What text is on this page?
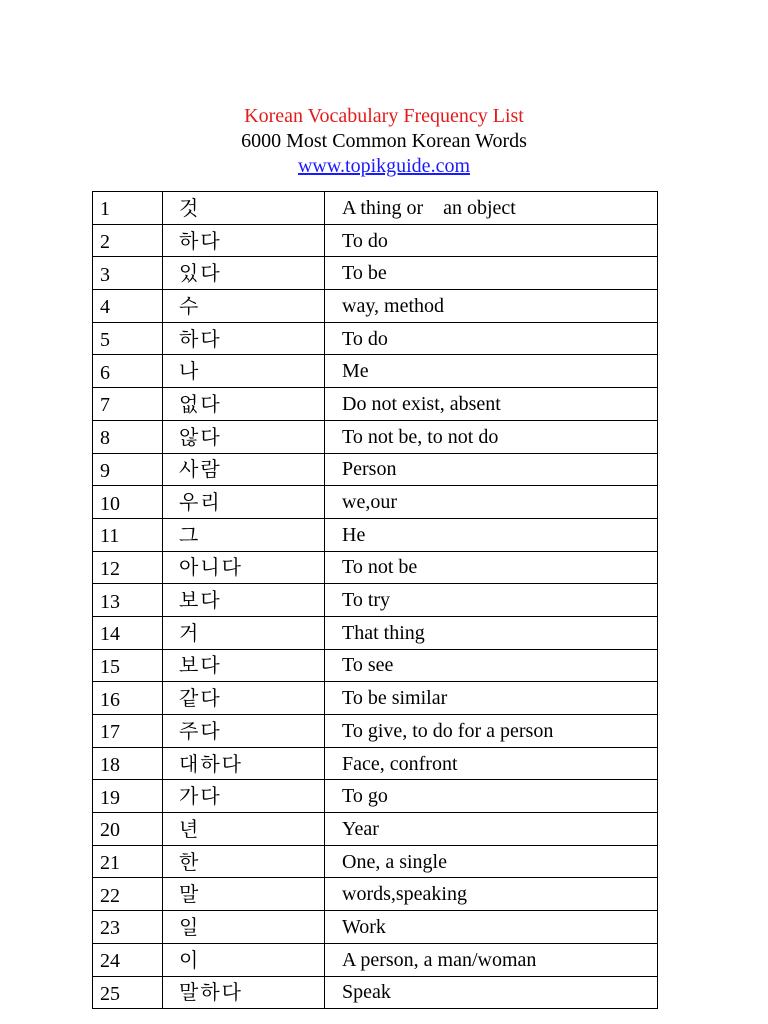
Korean Vocabulary Frequency List
6000 Most Common Korean Words
www.topikguide.com
1	것	A thing or    an object
2	하다	To do
3	있다	To be
4	수	way, method
5	하다	To do
6	나	Me
7	없다	Do not exist, absent
8	않다	To not be, to not do
9	사람	Person
10	우리	we,our
11	그	He
12	아니다	To not be
13	보다	To try
14	거	That thing
15	보다	To see
16	같다	To be similar
17	주다	To give, to do for a person
18	대하다	Face, confront
19	가다	To go
20	년	Year
21	한	One, a single
22	말	words,speaking
23	일	Work
24	이	A person, a man/woman
25	말하다	Speak
